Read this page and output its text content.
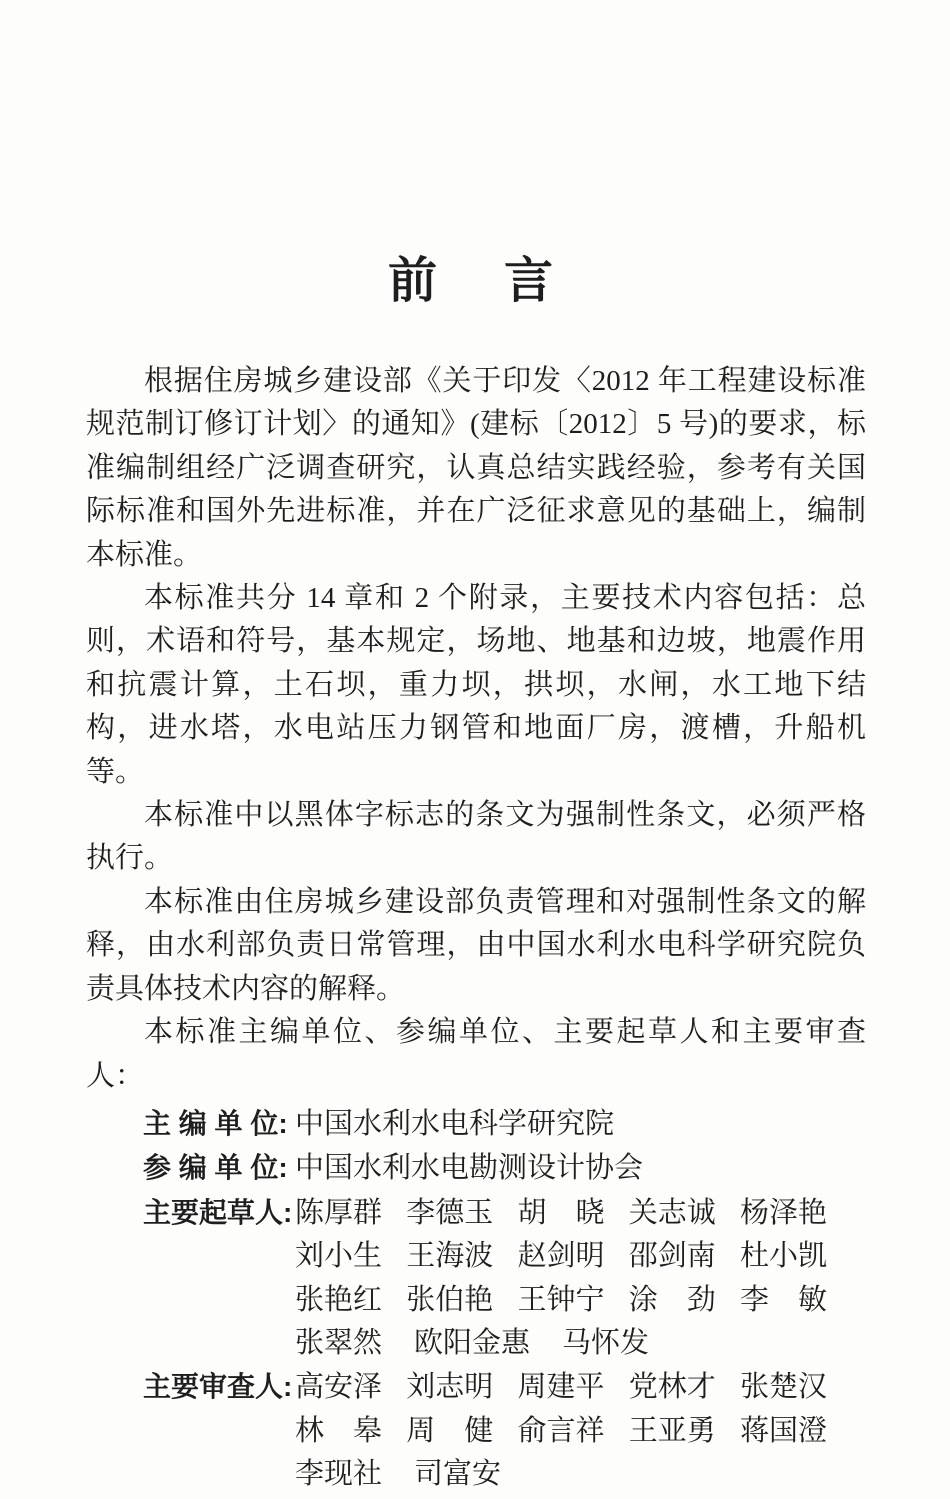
前　言

根据住房城乡建设部《关于印发〈2012 年工程建设标准规范制订修订计划〉的通知》(建标〔2012〕5 号)的要求，标准编制组经广泛调查研究，认真总结实践经验，参考有关国际标准和国外先进标准，并在广泛征求意见的基础上，编制本标准。

本标准共分 14 章和 2 个附录，主要技术内容包括：总则，术语和符号，基本规定，场地、地基和边坡，地震作用和抗震计算，土石坝，重力坝，拱坝，水闸，水工地下结构，进水塔，水电站压力钢管和地面厂房，渡槽，升船机等。

本标准中以黑体字标志的条文为强制性条文，必须严格执行。

本标准由住房城乡建设部负责管理和对强制性条文的解释，由水利部负责日常管理，由中国水利水电科学研究院负责具体技术内容的解释。

本标准主编单位、参编单位、主要起草人和主要审查人：

主 编 单 位: 中国水利水电科学研究院
参 编 单 位: 中国水利水电勘测设计协会
主要起草人: 陈厚群 李德玉 胡　晓 关志诚 杨泽艳
刘小生 王海波 赵剑明 邵剑南 杜小凯
张艳红 张伯艳 王钟宁 涂　劲 李　敏
张翠然 欧阳金惠 马怀发
主要审查人: 高安泽 刘志明 周建平 党林才 张楚汉
林　皋 周　健 俞言祥 王亚勇 蒋国澄
李现社 司富安
